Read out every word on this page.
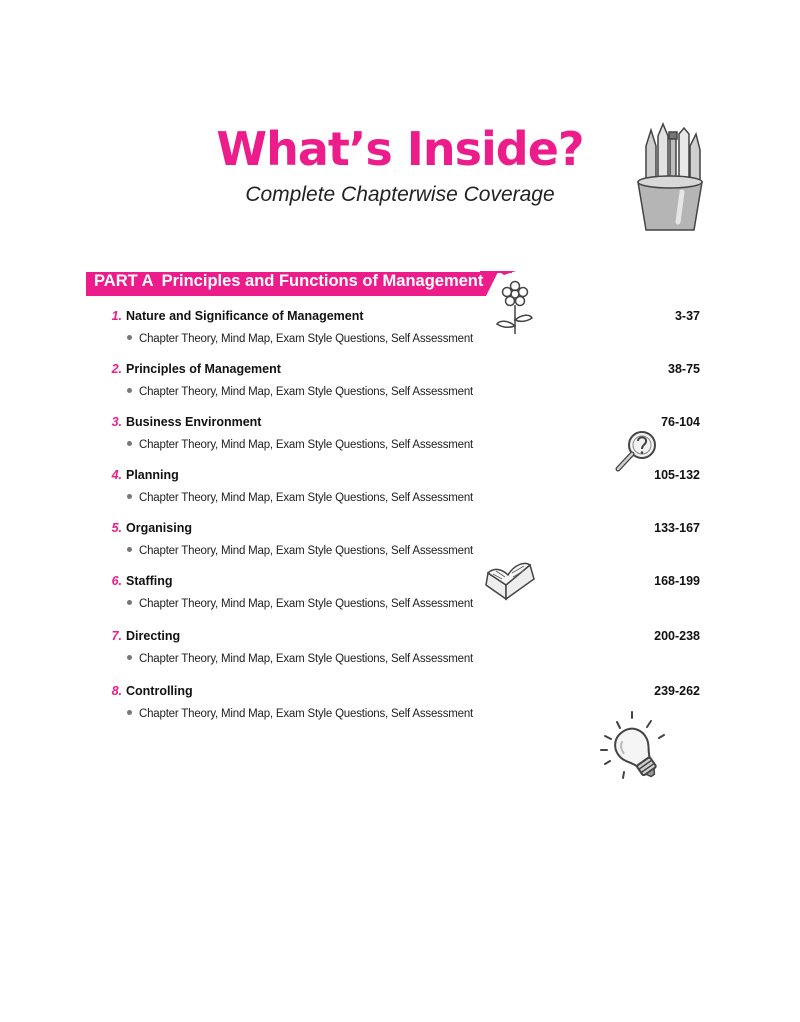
What’s Inside?
Complete Chapterwise Coverage
PART A Principles and Functions of Management
1. Nature and Significance of Management	3-37
Chapter Theory, Mind Map, Exam Style Questions, Self Assessment
2. Principles of Management	38-75
Chapter Theory, Mind Map, Exam Style Questions, Self Assessment
3. Business Environment	76-104
Chapter Theory, Mind Map, Exam Style Questions, Self Assessment
4. Planning	105-132
Chapter Theory, Mind Map, Exam Style Questions, Self Assessment
5. Organising	133-167
Chapter Theory, Mind Map, Exam Style Questions, Self Assessment
6. Staffing	168-199
Chapter Theory, Mind Map, Exam Style Questions, Self Assessment
7. Directing	200-238
Chapter Theory, Mind Map, Exam Style Questions, Self Assessment
8. Controlling	239-262
Chapter Theory, Mind Map, Exam Style Questions, Self Assessment
